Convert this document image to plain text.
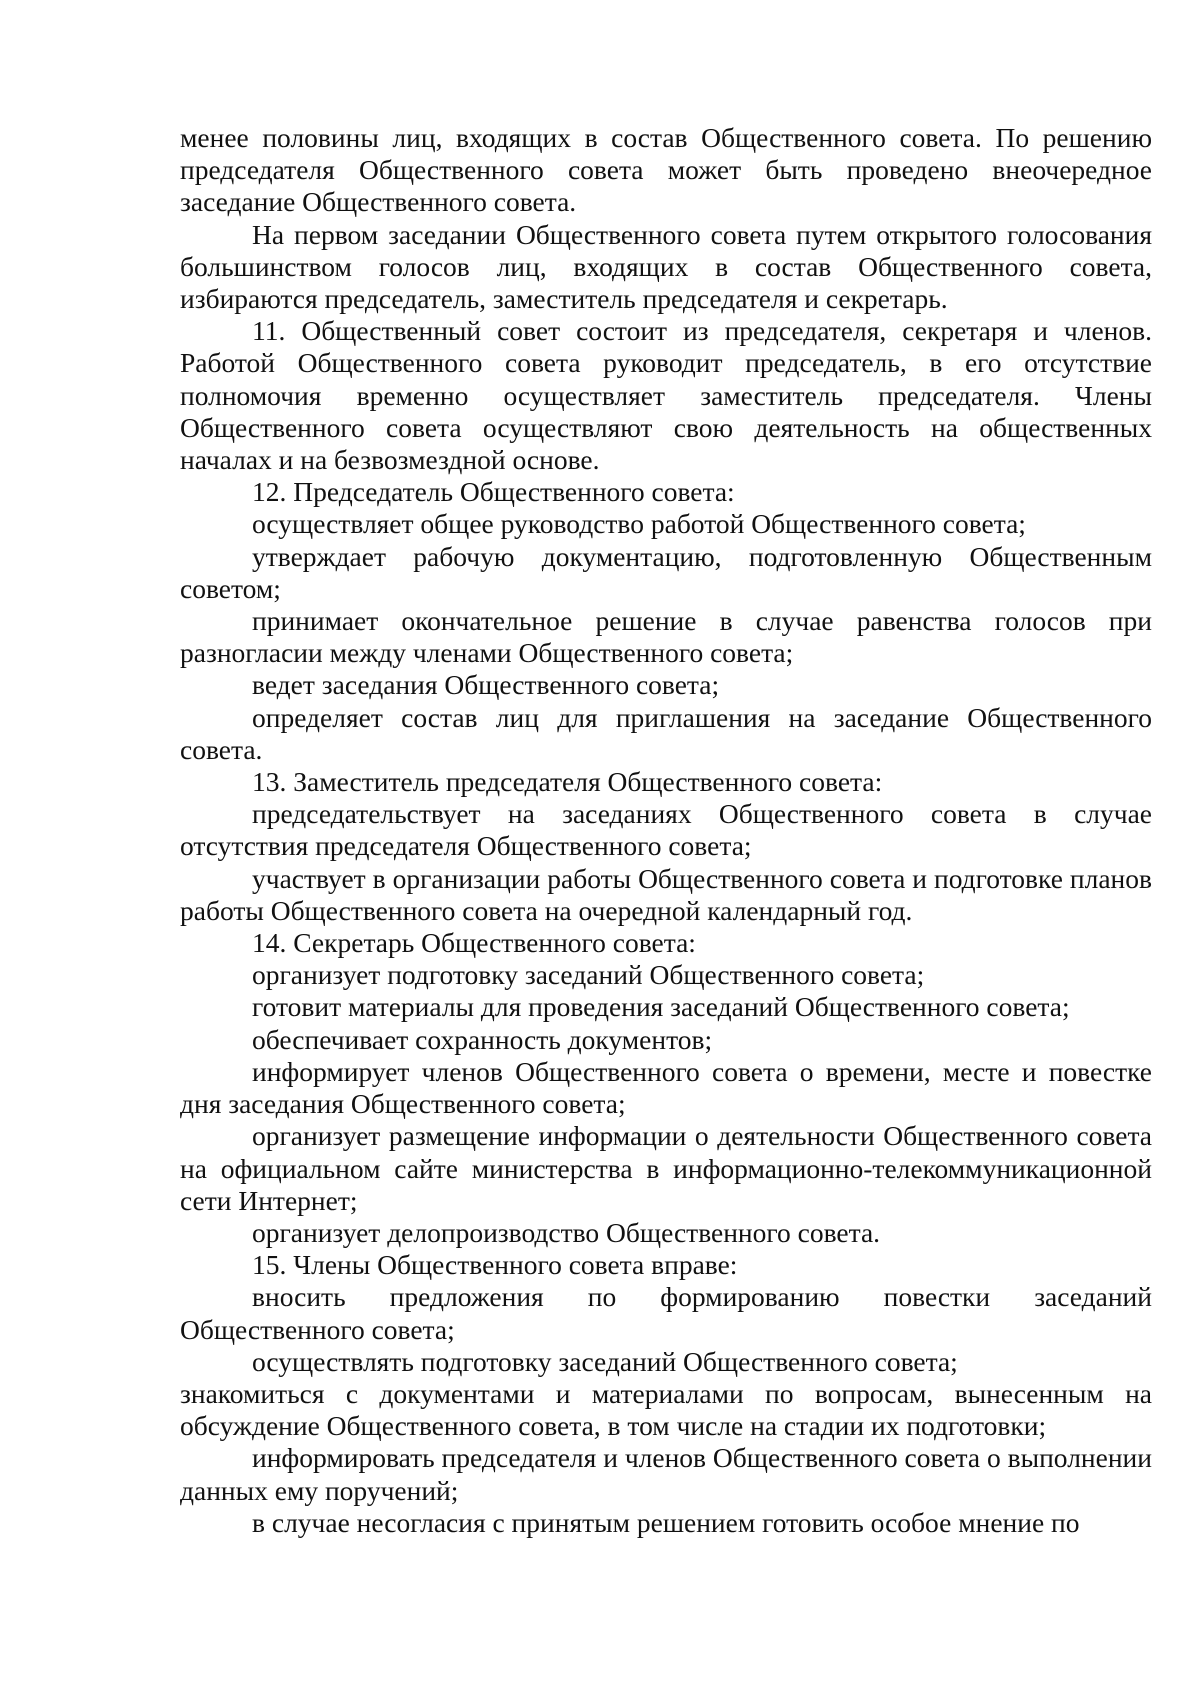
менее половины лиц, входящих в состав Общественного совета. По решению председателя Общественного совета может быть проведено внеочередное заседание Общественного совета.

На первом заседании Общественного совета путем открытого голосования большинством голосов лиц, входящих в состав Общественного совета, избираются председатель, заместитель председателя и секретарь.

11. Общественный совет состоит из председателя, секретаря и членов. Работой Общественного совета руководит председатель, в его отсутствие полномочия временно осуществляет заместитель председателя. Члены Общественного совета осуществляют свою деятельность на общественных началах и на безвозмездной основе.

12. Председатель Общественного совета:

осуществляет общее руководство работой Общественного совета;

утверждает рабочую документацию, подготовленную Общественным советом;

принимает окончательное решение в случае равенства голосов при разногласии между членами Общественного совета;

ведет заседания Общественного совета;

определяет состав лиц для приглашения на заседание Общественного совета.

13. Заместитель председателя Общественного совета:

председательствует на заседаниях Общественного совета в случае отсутствия председателя Общественного совета;

участвует в организации работы Общественного совета и подготовке планов работы Общественного совета на очередной календарный год.

14. Секретарь Общественного совета:

организует подготовку заседаний Общественного совета;

готовит материалы для проведения заседаний Общественного совета;

обеспечивает сохранность документов;

информирует членов Общественного совета о времени, месте и повестке дня заседания Общественного совета;

организует размещение информации о деятельности Общественного совета на официальном сайте министерства в информационно-телекоммуникационной сети Интернет;

организует делопроизводство Общественного совета.

15. Члены Общественного совета вправе:

вносить предложения по формированию повестки заседаний Общественного совета;

осуществлять подготовку заседаний Общественного совета;

знакомиться с документами и материалами по вопросам, вынесенным на обсуждение Общественного совета, в том числе на стадии их подготовки;

информировать председателя и членов Общественного совета о выполнении данных ему поручений;

в случае несогласия с принятым решением готовить особое мнение по
